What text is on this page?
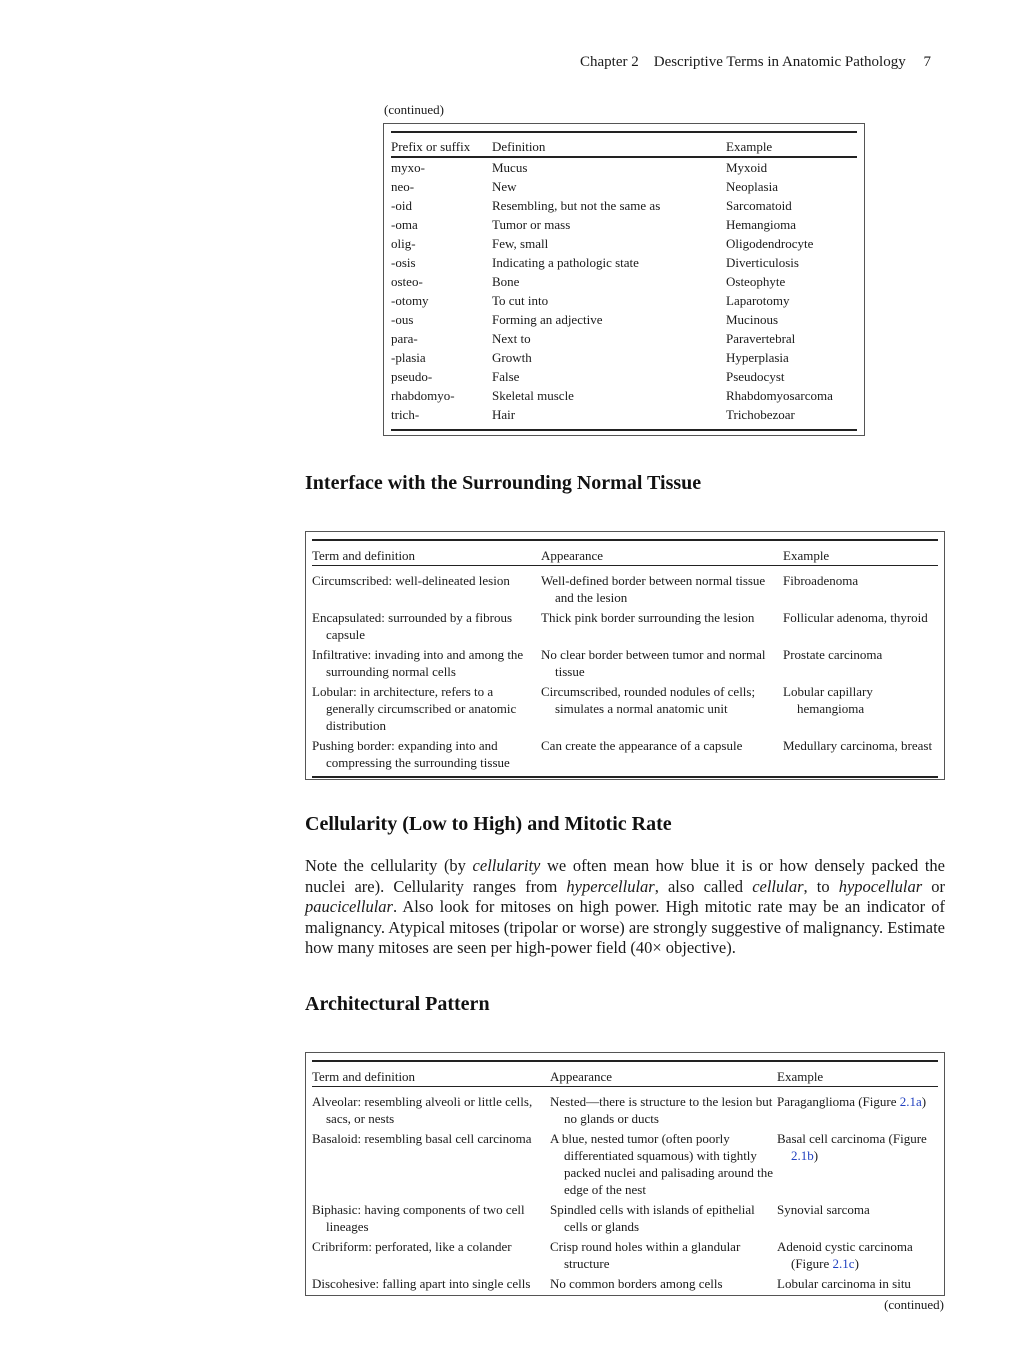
Chapter 2 Descriptive Terms in Anatomic Pathology 7
(continued)
Prefix or suffix	Definition	Example
myxo-	Mucus	Myxoid
neo-	New	Neoplasia
-oid	Resembling, but not the same as	Sarcomatoid
-oma	Tumor or mass	Hemangioma
olig-	Few, small	Oligodendrocyte
-osis	Indicating a pathologic state	Diverticulosis
osteo-	Bone	Osteophyte
-otomy	To cut into	Laparotomy
-ous	Forming an adjective	Mucinous
para-	Next to	Paravertebral
-plasia	Growth	Hyperplasia
pseudo-	False	Pseudocyst
rhabdomyo-	Skeletal muscle	Rhabdomyosarcoma
trich-	Hair	Trichobezoar
Interface with the Surrounding Normal Tissue
Term and definition	Appearance	Example
Circumscribed: well-delineated lesion	Well-defined border between normal tissue and the lesion	Fibroadenoma
Encapsulated: surrounded by a fibrous capsule	Thick pink border surrounding the lesion	Follicular adenoma, thyroid
Infiltrative: invading into and among the surrounding normal cells	No clear border between tumor and normal tissue	Prostate carcinoma
Lobular: in architecture, refers to a generally circumscribed or anatomic distribution	Circumscribed, rounded nodules of cells; simulates a normal anatomic unit	Lobular capillary hemangioma
Pushing border: expanding into and compressing the surrounding tissue	Can create the appearance of a capsule	Medullary carcinoma, breast
Cellularity (Low to High) and Mitotic Rate
Note the cellularity (by cellularity we often mean how blue it is or how densely packed the nuclei are). Cellularity ranges from hypercellular, also called cellular, to hypocellular or paucicellular. Also look for mitoses on high power. High mitotic rate may be an indicator of malignancy. Atypical mitoses (tripolar or worse) are strongly suggestive of malignancy. Estimate how many mitoses are seen per high-power field (40× objective).
Architectural Pattern
Term and definition	Appearance	Example
Alveolar: resembling alveoli or little cells, sacs, or nests	Nested—there is structure to the lesion but no glands or ducts	Paraganglioma (Figure 2.1a)
Basaloid: resembling basal cell carcinoma	A blue, nested tumor (often poorly differentiated squamous) with tightly packed nuclei and palisading around the edge of the nest	Basal cell carcinoma (Figure 2.1b)
Biphasic: having components of two cell lineages	Spindled cells with islands of epithelial cells or glands	Synovial sarcoma
Cribriform: perforated, like a colander	Crisp round holes within a glandular structure	Adenoid cystic carcinoma (Figure 2.1c)
Discohesive: falling apart into single cells	No common borders among cells	Lobular carcinoma in situ
(continued)
